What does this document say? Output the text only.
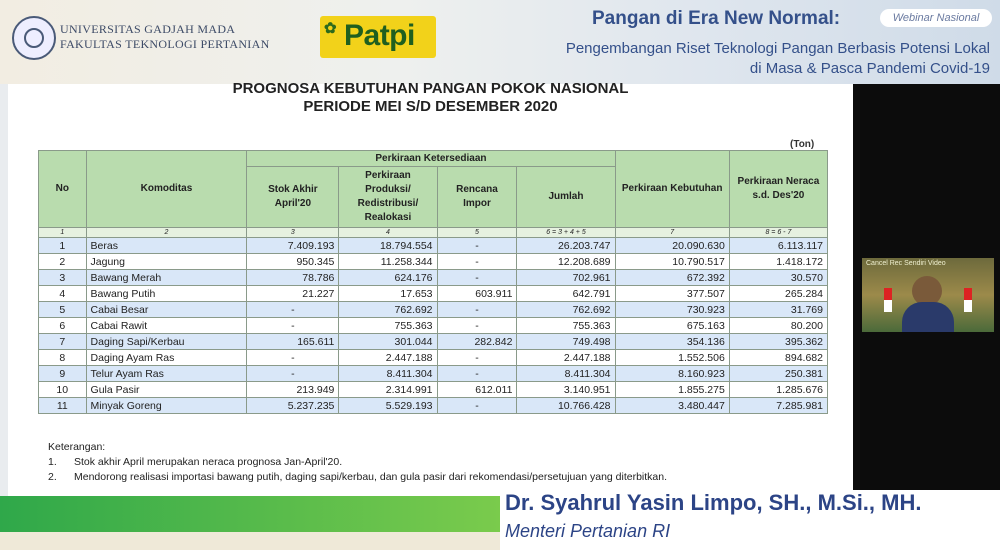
UNIVERSITAS GADJAH MADA
FAKULTAS TEKNOLOGI PERTANIAN
✿ Patpi
Pangan di Era New Normal:	Webinar Nasional
Pengembangan Riset Teknologi Pangan Berbasis Potensi Lokal
di Masa & Pasca Pandemi Covid-19
PROGNOSA KEBUTUHAN PANGAN POKOK NASIONAL
PERIODE MEI S/D DESEMBER 2020
(Ton)
No	Komoditas	Perkiraan Ketersediaan				Perkiraan Kebutuhan	Perkiraan Neraca s.d. Des'20
		Stok Akhir April'20	Perkiraan Produksi/ Redistribusi/ Realokasi	Rencana Impor	Jumlah		
1	2	3	4	5	6 = 3 + 4 + 5	7	8 = 6 - 7
1	Beras	7.409.193	18.794.554	-	26.203.747	20.090.630	6.113.117
2	Jagung	950.345	11.258.344	-	12.208.689	10.790.517	1.418.172
3	Bawang Merah	78.786	624.176	-	702.961	672.392	30.570
4	Bawang Putih	21.227	17.653	603.911	642.791	377.507	265.284
5	Cabai Besar	-	762.692	-	762.692	730.923	31.769
6	Cabai Rawit	-	755.363	-	755.363	675.163	80.200
7	Daging Sapi/Kerbau	165.611	301.044	282.842	749.498	354.136	395.362
8	Daging Ayam Ras	-	2.447.188	-	2.447.188	1.552.506	894.682
9	Telur Ayam Ras	-	8.411.304	-	8.411.304	8.160.923	250.381
10	Gula Pasir	213.949	2.314.991	612.011	3.140.951	1.855.275	1.285.676
11	Minyak Goreng	5.237.235	5.529.193	-	10.766.428	3.480.447	7.285.981
Keterangan:
1. Stok akhir April merupakan neraca prognosa Jan-April'20.
2. Mendorong realisasi importasi bawang putih, daging sapi/kerbau, dan gula pasir dari rekomendasi/persetujuan yang diterbitkan.
Cancel Rec Sendiri Video
Dr. Syahrul Yasin Limpo, SH., M.Si., MH.
Menteri Pertanian RI
